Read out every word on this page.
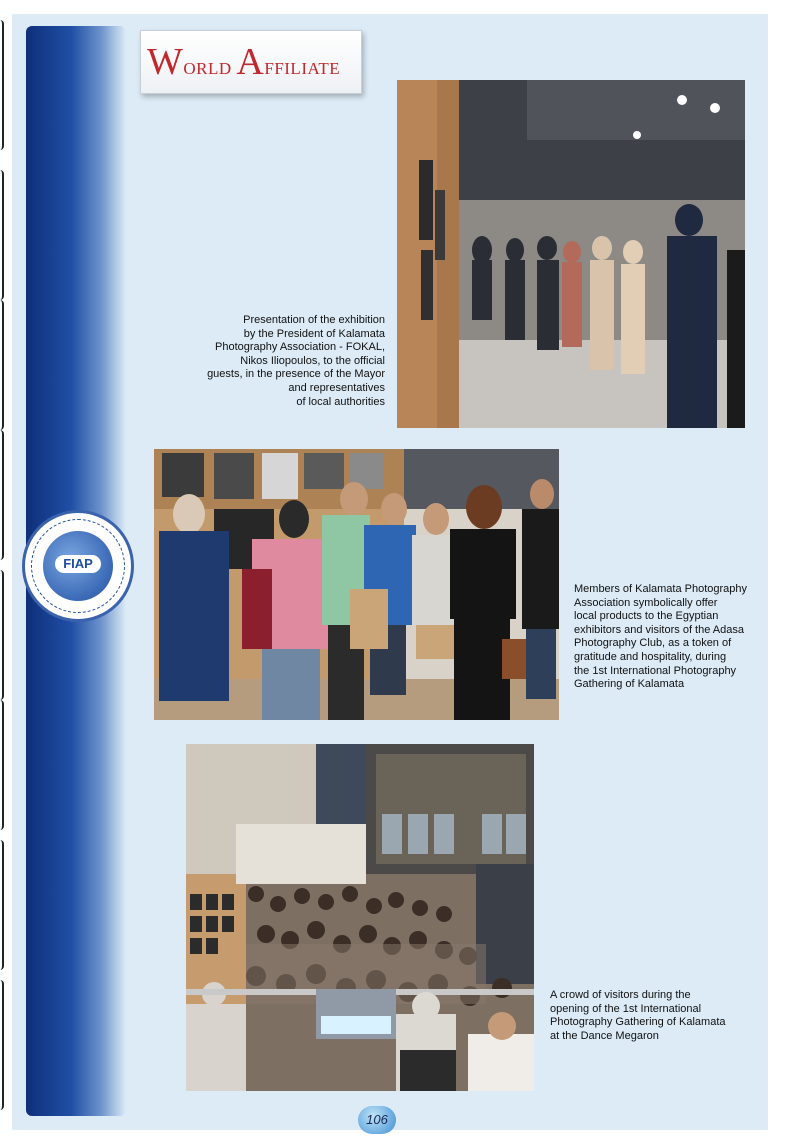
FIAP
WORLD AFFILIATE
Presentation of the exhibition
by the President of Kalamata
Photography Association - FOKAL,
Nikos Iliopoulos, to the official
guests, in the presence of the Mayor
and representatives
of local authorities
Members of Kalamata Photography
Association symbolically offer
local products to the Egyptian
exhibitors and visitors of the Adasa
Photography Club, as a token of
gratitude and hospitality, during
the 1st International Photography
Gathering of Kalamata
A crowd of visitors during the
opening of the 1st International
Photography Gathering of Kalamata
at the Dance Megaron
106
